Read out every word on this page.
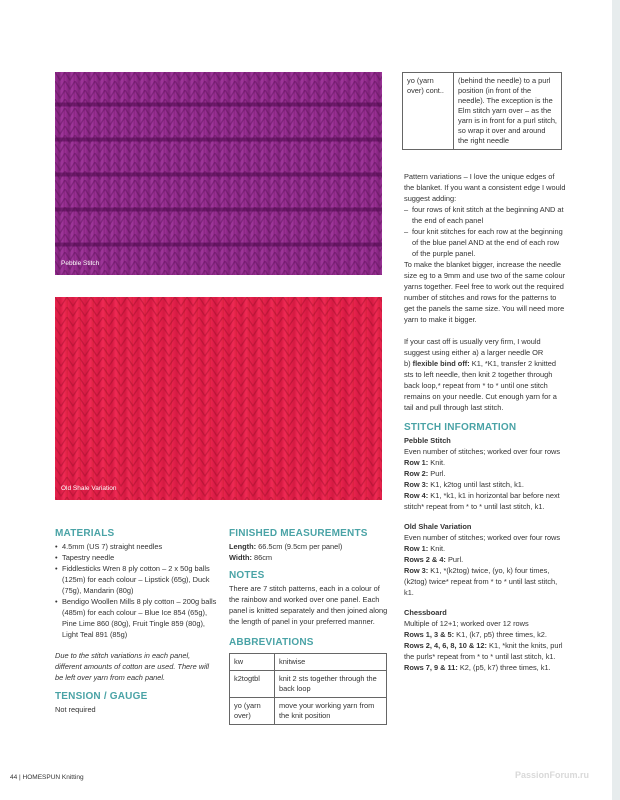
Pebble Stitch
Old Shale Variation
yo (yarn over) cont..	(behind the needle) to a purl position (in front of the needle). The exception is the Elm stitch yarn over – as the yarn is in front for a purl stitch, so wrap it over and around the right needle
Pattern variations – I love the unique edges of the blanket. If you want a consistent edge I would suggest adding:
– four rows of knit stitch at the beginning AND at the end of each panel
– four knit stitches for each row at the beginning of the blue panel AND at the end of each row of the purple panel.
To make the blanket bigger, increase the needle size eg to a 9mm and use two of the same colour yarns together. Feel free to work out the required number of stitches and rows for the patterns to get the panels the same size. You will need more yarn to make it bigger.
If your cast off is usually very firm, I would suggest using either a) a larger needle OR
b) flexible bind off: K1, *K1, transfer 2 knitted sts to left needle, then knit 2 together through back loop,* repeat from * to * until one stitch remains on your needle. Cut enough yarn for a tail and pull through last stitch.
STITCH INFORMATION
Pebble Stitch
Even number of stitches; worked over four rows
Row 1: Knit.
Row 2: Purl.
Row 3: K1, k2tog until last stitch, k1.
Row 4: K1, *k1, k1 in horizontal bar before next stitch* repeat from * to * until last stitch, k1.
Old Shale Variation
Even number of stitches; worked over four rows
Row 1: Knit.
Rows 2 & 4: Purl.
Row 3: K1, *(k2tog) twice, (yo, k) four times, (k2tog) twice* repeat from * to * until last stitch, k1.
Chessboard
Multiple of 12+1; worked over 12 rows
Rows 1, 3 & 5: K1, (k7, p5) three times, k2.
Rows 2, 4, 6, 8, 10 & 12: K1, *knit the knits, purl the purls* repeat from * to * until last stitch, k1.
Rows 7, 9 & 11: K2, (p5, k7) three times, k1.
MATERIALS
• 4.5mm (US 7) straight needles
• Tapestry needle
• Fiddlesticks Wren 8 ply cotton – 2 x 50g balls (125m) for each colour – Lipstick (65g), Duck (75g), Mandarin (80g)
• Bendigo Woollen Mills 8 ply cotton – 200g balls (485m) for each colour – Blue Ice 854 (65g), Pine Lime 860 (80g), Fruit Tingle 859 (80g), Light Teal 891 (85g)
Due to the stitch variations in each panel, different amounts of cotton are used. There will be left over yarn from each panel.
TENSION / GAUGE
Not required
FINISHED MEASUREMENTS
Length: 66.5cm (9.5cm per panel)
Width: 86cm
NOTES
There are 7 stitch patterns, each in a colour of the rainbow and worked over one panel. Each panel is knitted separately and then joined along the length of panel in your preferred manner.
ABBREVIATIONS
kw	knitwise
k2togtbl	knit 2 sts together through the back loop
yo (yarn over)	move your working yarn from the knit position
44 | HOMESPUN Knitting	PassionForum.ru
